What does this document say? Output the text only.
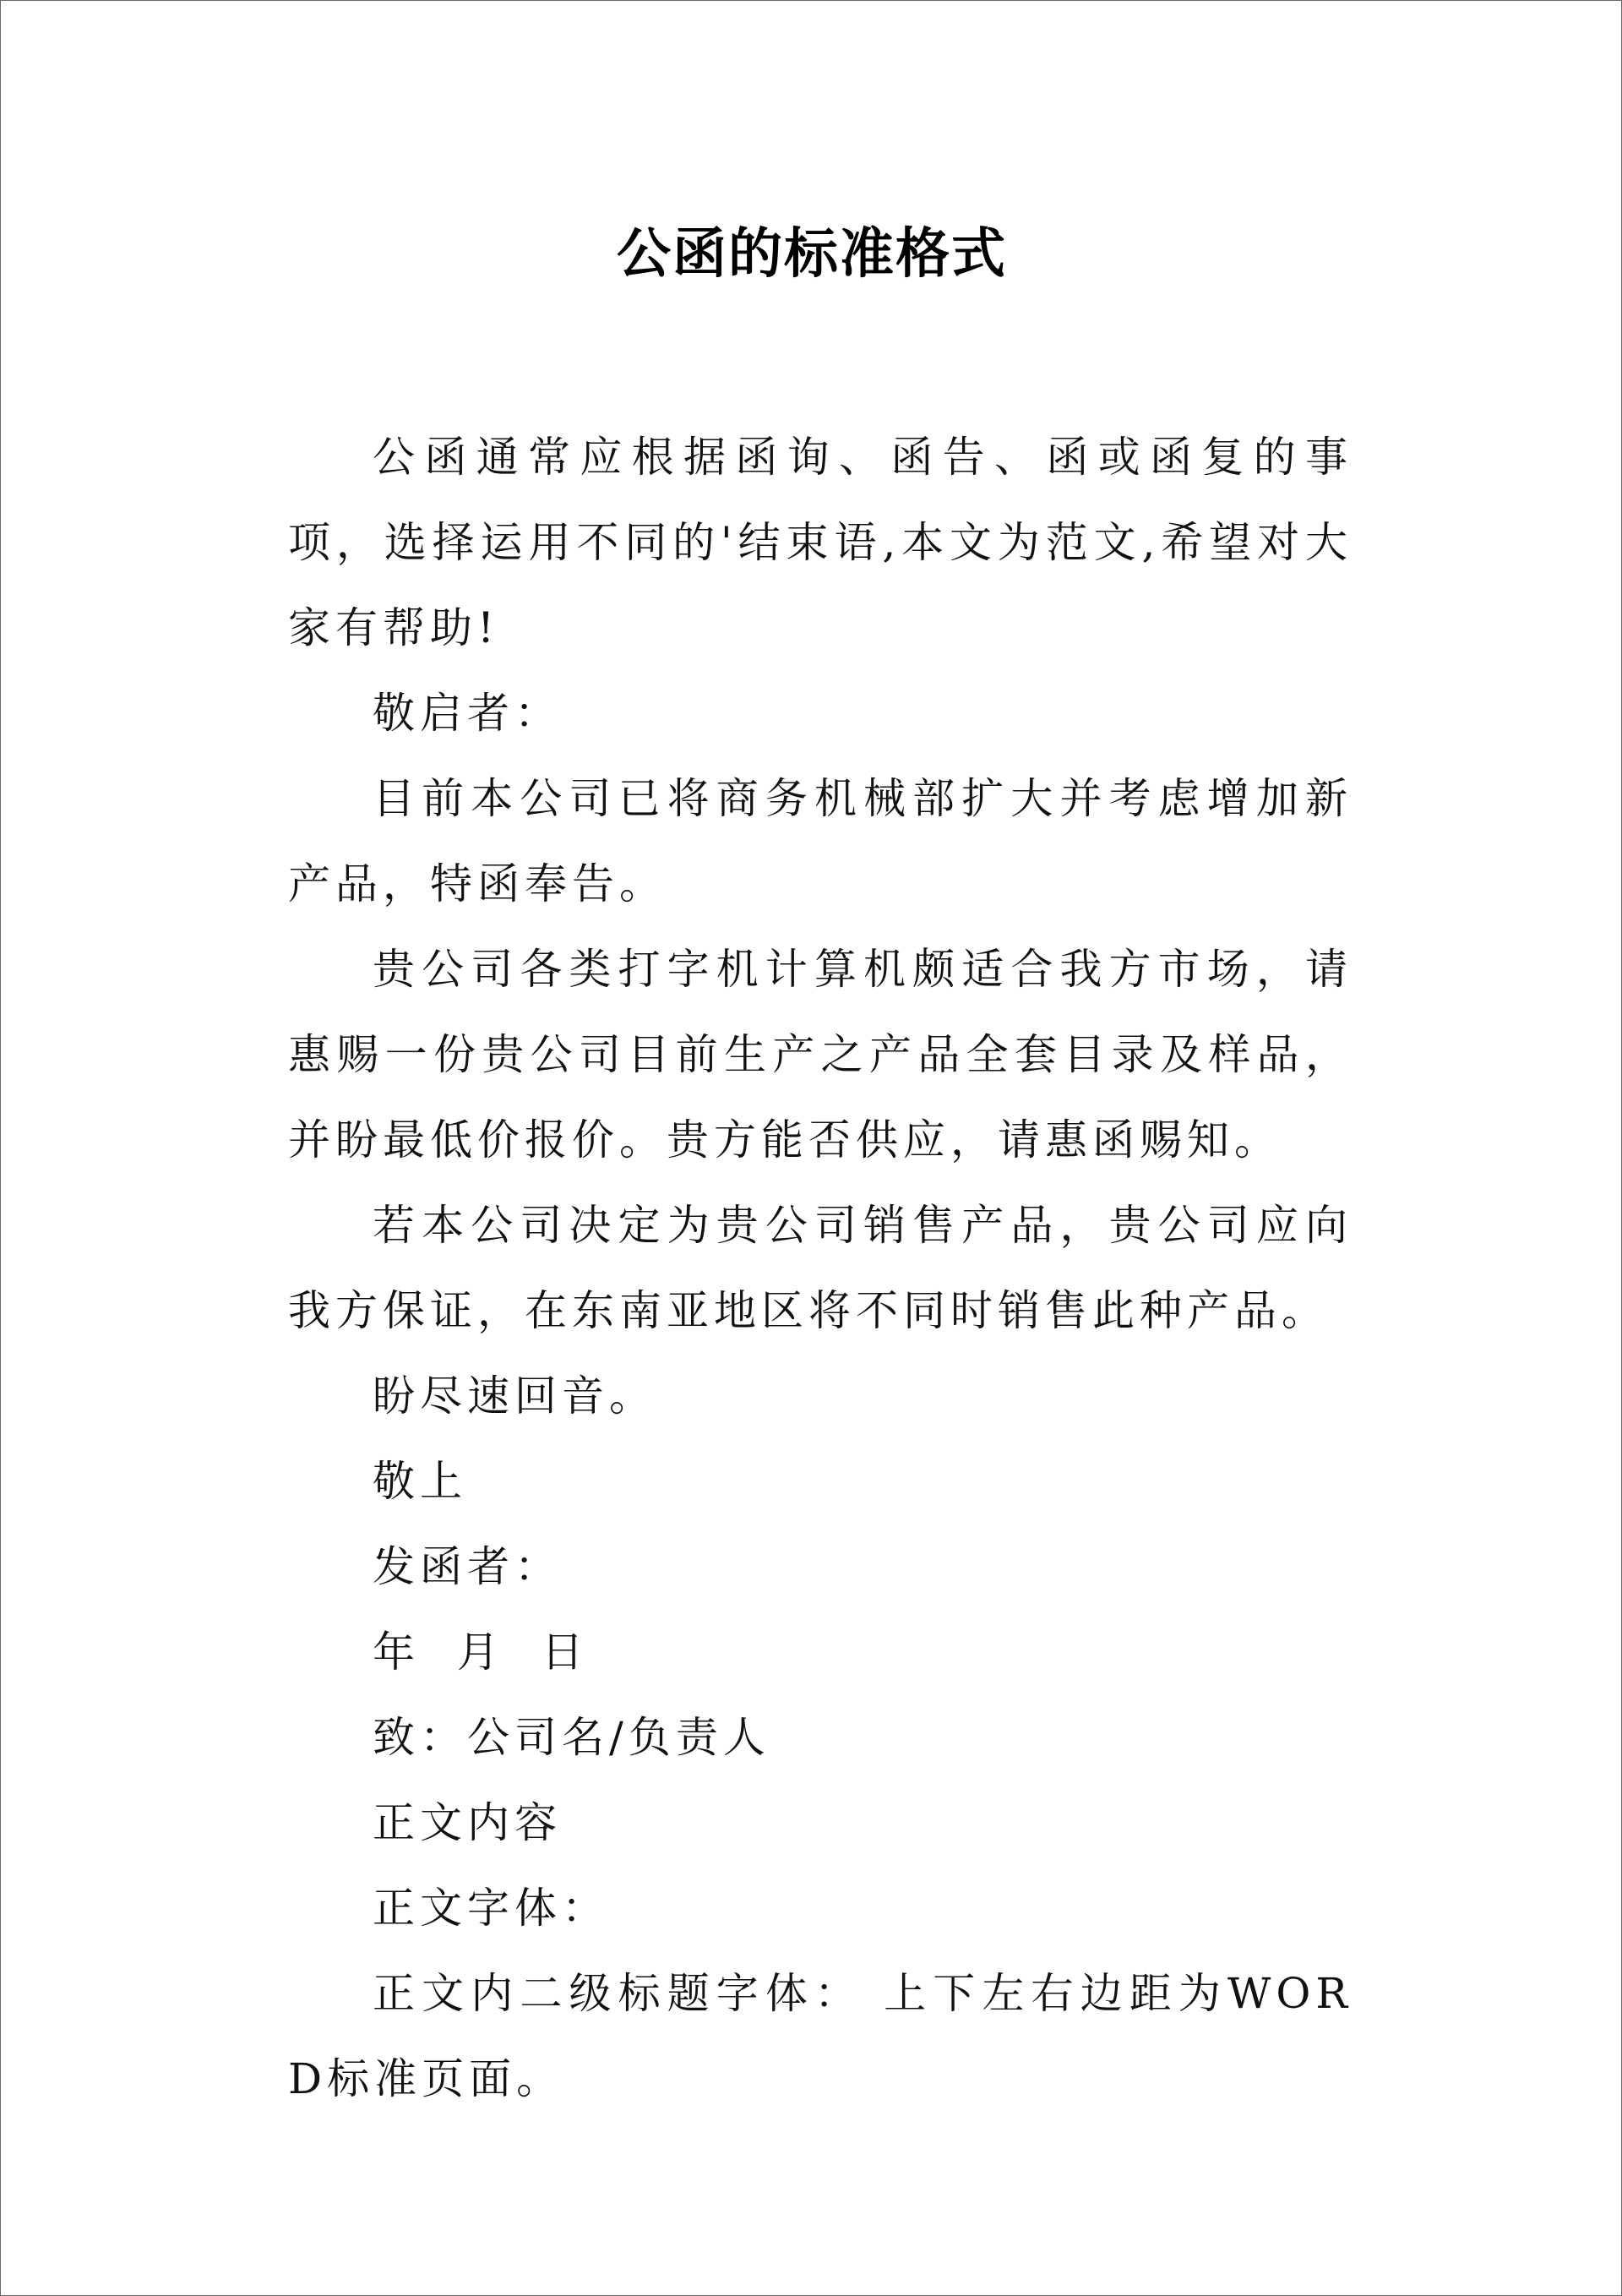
公函的标准格式

公函通常应根据函询、函告、函或函复的事项，选择运用不同的'结束语,本文为范文,希望对大家有帮助!

敬启者：

目前本公司已将商务机械部扩大并考虑增加新产品，特函奉告。

贵公司各类打字机计算机颇适合我方市场，请惠赐一份贵公司目前生产之产品全套目录及样品，并盼最低价报价。贵方能否供应，请惠函赐知。

若本公司决定为贵公司销售产品，贵公司应向我方保证，在东南亚地区将不同时销售此种产品。

盼尽速回音。

敬上

发函者：

年  月  日

致：公司名/负责人

正文内容

正文字体：

正文内二级标题字体： 上下左右边距为WORD标准页面。
